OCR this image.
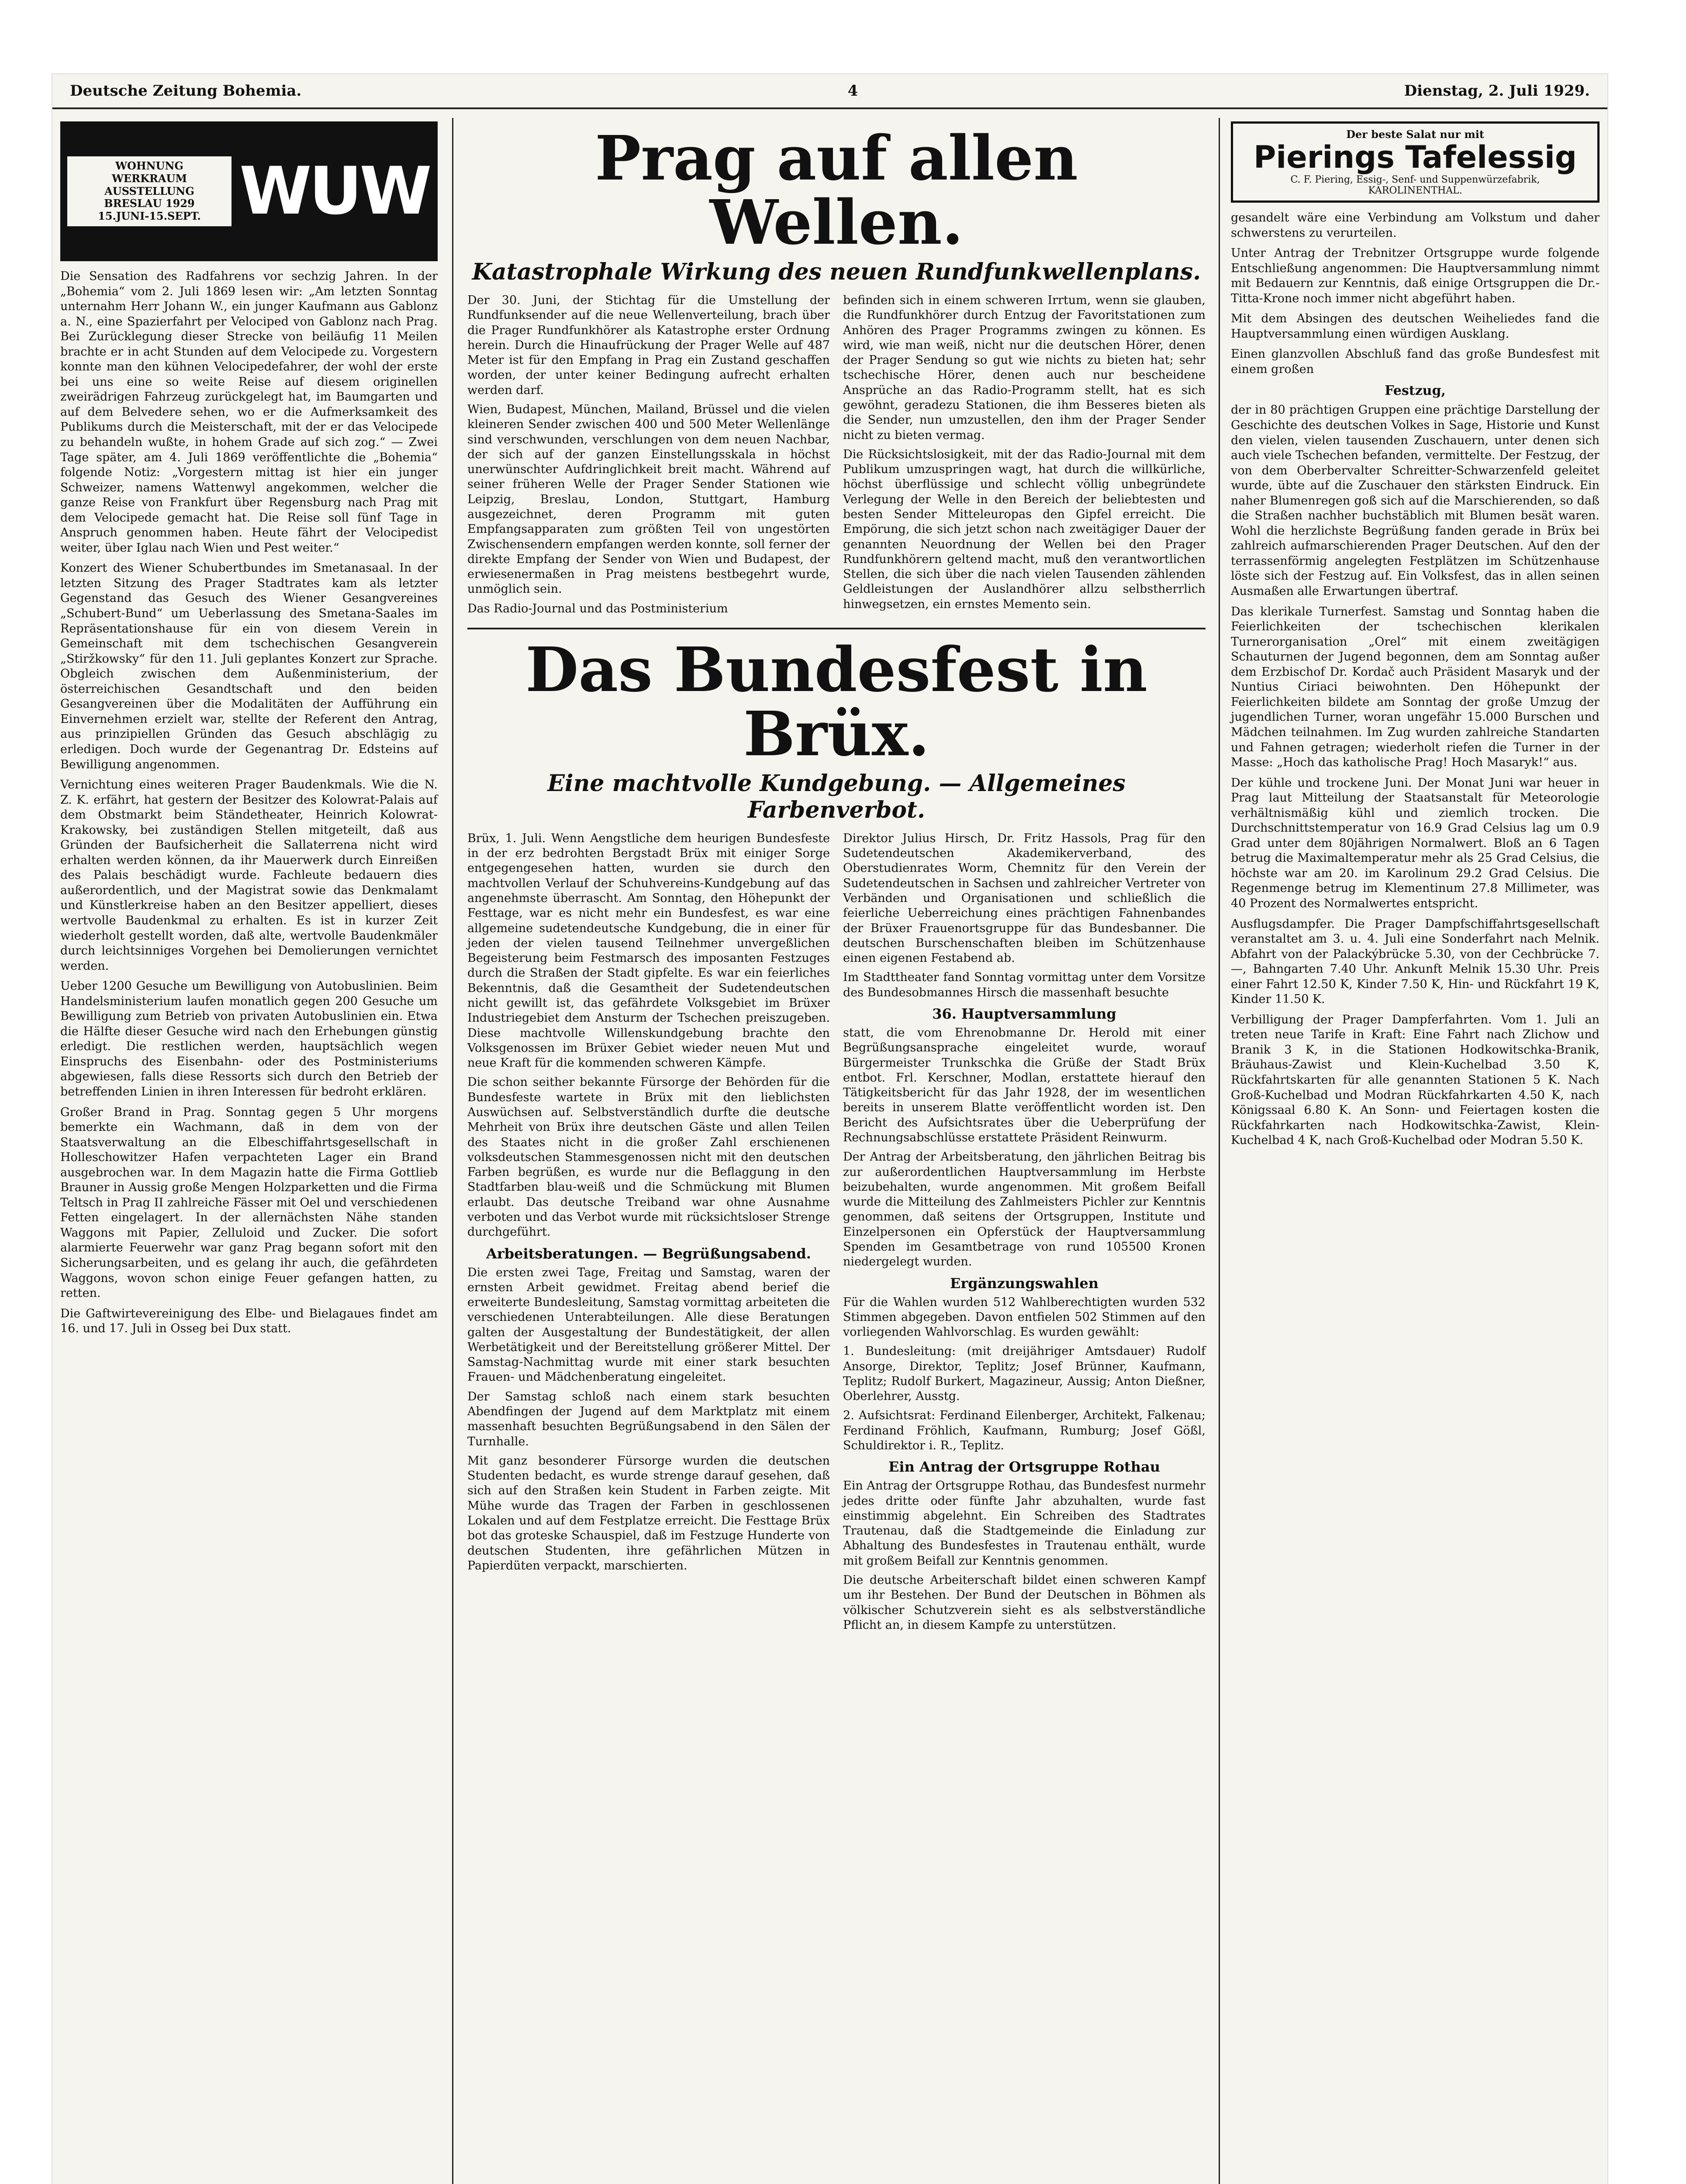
Deutsche Zeitung Bohemia.	4	Dienstag, 2. Juli 1929.
WOHNUNG
WERKRAUM
AUSSTELLUNG
BRESLAU 1929
15.JUNI-15.SEPT. WUW

Die Sensation des Radfahrens vor sechzig Jahren. In der „Bohemia“ vom 2. Juli 1869 lesen wir: „Am letzten Sonntag unternahm Herr Johann W., ein junger Kaufmann aus Gablonz a. N., eine Spazierfahrt per Velociped von Gablonz nach Prag. Bei Zurücklegung dieser Strecke von beiläufig 11 Meilen brachte er in acht Stunden auf dem Velocipede zu. Vorgestern konnte man den kühnen Velocipedefahrer, der wohl der erste bei uns eine so weite Reise auf diesem originellen zweirädrigen Fahrzeug zurückgelegt hat, im Baumgarten und auf dem Belvedere sehen, wo er die Aufmerksamkeit des Publikums durch die Meisterschaft, mit der er das Velocipede zu behandeln wußte, in hohem Grade auf sich zog.“ — Zwei Tage später, am 4. Juli 1869 veröffentlichte die „Bohemia“ folgende Notiz: „Vorgestern mittag ist hier ein junger Schweizer, namens Wattenwyl angekommen, welcher die ganze Reise von Frankfurt über Regensburg nach Prag mit dem Velocipede gemacht hat. Die Reise soll fünf Tage in Anspruch genommen haben. Heute fährt der Velocipedist weiter, über Iglau nach Wien und Pest weiter.“

Konzert des Wiener Schubertbundes im Smetanasaal. In der letzten Sitzung des Prager Stadtrates kam als letzter Gegenstand das Gesuch des Wiener Gesangvereines „Schubert-Bund“ um Ueberlassung des Smetana-Saales im Repräsentationshause für ein von diesem Verein in Gemeinschaft mit dem tschechischen Gesangverein „Stiržkowsky“ für den 11. Juli geplantes Konzert zur Sprache. Obgleich zwischen dem Außenministerium, der österreichischen Gesandtschaft und den beiden Gesangvereinen über die Modalitäten der Aufführung ein Einvernehmen erzielt war, stellte der Referent den Antrag, aus prinzipiellen Gründen das Gesuch abschlägig zu erledigen. Doch wurde der Gegenantrag Dr. Edsteins auf Bewilligung angenommen.

Vernichtung eines weiteren Prager Baudenkmals. Wie die N. Z. K. erfährt, hat gestern der Besitzer des Kolowrat-Palais auf dem Obstmarkt beim Ständetheater, Heinrich Kolowrat-Krakowsky, bei zuständigen Stellen mitgeteilt, daß aus Gründen der Baufsicherheit die Sallaterrena nicht wird erhalten werden können, da ihr Mauerwerk durch Einreißen des Palais beschädigt wurde. Fachleute bedauern dies außerordentlich, und der Magistrat sowie das Denkmalamt und Künstlerkreise haben an den Besitzer appelliert, dieses wertvolle Baudenkmal zu erhalten. Es ist in kurzer Zeit wiederholt gestellt worden, daß alte, wertvolle Baudenkmäler durch leichtsinniges Vorgehen bei Demolierungen vernichtet werden.

Ueber 1200 Gesuche um Bewilligung von Autobuslinien. Beim Handelsministerium laufen monatlich gegen 200 Gesuche um Bewilligung zum Betrieb von privaten Autobuslinien ein. Etwa die Hälfte dieser Gesuche wird nach den Erhebungen günstig erledigt. Die restlichen werden, hauptsächlich wegen Einspruchs des Eisenbahn- oder des Postministeriums abgewiesen, falls diese Ressorts sich durch den Betrieb der betreffenden Linien in ihren Interessen für bedroht erklären.

Großer Brand in Prag. Sonntag gegen 5 Uhr morgens bemerkte ein Wachmann, daß in dem von der Staatsverwaltung an die Elbeschiffahrtsgesellschaft in Holleschowitzer Hafen verpachteten Lager ein Brand ausgebrochen war. In dem Magazin hatte die Firma Gottlieb Brauner in Aussig große Mengen Holzparketten und die Firma Teltsch in Prag II zahlreiche Fässer mit Oel und verschiedenen Fetten eingelagert. In der allernächsten Nähe standen Waggons mit Papier, Zelluloid und Zucker. Die sofort alarmierte Feuerwehr war ganz Prag begann sofort mit den Sicherungsarbeiten, und es gelang ihr auch, die gefährdeten Waggons, wovon schon einige Feuer gefangen hatten, zu retten.

Die Gaftwirtevereinigung des Elbe- und Bielagaues findet am 16. und 17. Juli in Osseg bei Dux statt.

Prag auf allen Wellen.
Katastrophale Wirkung des neuen Rundfunkwellenplans.

Der 30. Juni, der Stichtag für die Umstellung der Rundfunksender auf die neue Wellenverteilung, brach über die Prager Rundfunkhörer als Katastrophe erster Ordnung herein. Durch die Hinaufrückung der Prager Welle auf 487 Meter ist für den Empfang in Prag ein Zustand geschaffen worden, der unter keiner Bedingung aufrecht erhalten werden darf.

Wien, Budapest, München, Mailand, Brüssel und die vielen kleineren Sender zwischen 400 und 500 Meter Wellenlänge sind verschwunden, verschlungen von dem neuen Nachbar, der sich auf der ganzen Einstellungsskala in höchst unerwünschter Aufdringlichkeit breit macht. Während auf seiner früheren Welle der Prager Sender Stationen wie Leipzig, Breslau, London, Stuttgart, Hamburg ausgezeichnet, deren Programm mit guten Empfangsapparaten zum größten Teil von ungestörten Zwischensendern empfangen werden konnte, soll ferner der direkte Empfang der Sender von Wien und Budapest, der erwiesenermaßen in Prag meistens bestbegehrt wurde, unmöglich sein.

Das Radio-Journal und das Postministerium

befinden sich in einem schweren Irrtum, wenn sie glauben, die Rundfunkhörer durch Entzug der Favoritstationen zum Anhören des Prager Programms zwingen zu können. Es wird, wie man weiß, nicht nur die deutschen Hörer, denen der Prager Sendung so gut wie nichts zu bieten hat; sehr tschechische Hörer, denen auch nur bescheidene Ansprüche an das Radio-Programm stellt, hat es sich gewöhnt, geradezu Stationen, die ihm Besseres bieten als die Sender, nun umzustellen, den ihm der Prager Sender nicht zu bieten vermag.

Die Rücksichtslosigkeit, mit der das Radio-Journal mit dem Publikum umzuspringen wagt, hat durch die willkürliche, höchst überflüssige und schlecht völlig unbegründete Verlegung der Welle in den Bereich der beliebtesten und besten Sender Mitteleuropas den Gipfel erreicht. Die Empörung, die sich jetzt schon nach zweitägiger Dauer der genannten Neuordnung der Wellen bei den Prager Rundfunkhörern geltend macht, muß den verantwortlichen Stellen, die sich über die nach vielen Tausenden zählenden Geldleistungen der Auslandhörer allzu selbstherrlich hinwegsetzen, ein ernstes Memento sein.

Das Bundesfest in Brüx.
Eine machtvolle Kundgebung. — Allgemeines Farbenverbot.

Brüx, 1. Juli. Wenn Aengstliche dem heurigen Bundesfeste in der erz bedrohten Bergstadt Brüx mit einiger Sorge entgegengesehen hatten, wurden sie durch den machtvollen Verlauf der Schuhvereins-Kundgebung auf das angenehmste überrascht. Am Sonntag, den Höhepunkt der Festtage, war es nicht mehr ein Bundesfest, es war eine allgemeine sudetendeutsche Kundgebung, die in einer für jeden der vielen tausend Teilnehmer unvergeßlichen Begeisterung beim Festmarsch des imposanten Festzuges durch die Straßen der Stadt gipfelte. Es war ein feierliches Bekenntnis, daß die Gesamtheit der Sudetendeutschen nicht gewillt ist, das gefährdete Volksgebiet im Brüxer Industriegebiet dem Ansturm der Tschechen preiszugeben. Diese machtvolle Willenskundgebung brachte den Volksgenossen im Brüxer Gebiet wieder neuen Mut und neue Kraft für die kommenden schweren Kämpfe.

Die schon seither bekannte Fürsorge der Behörden für die Bundesfeste wartete in Brüx mit den lieblichsten Auswüchsen auf. Selbstverständlich durfte die deutsche Mehrheit von Brüx ihre deutschen Gäste und allen Teilen des Staates nicht in die großer Zahl erschienenen volksdeutschen Stammesgenossen nicht mit den deutschen Farben begrüßen, es wurde nur die Beflaggung in den Stadtfarben blau-weiß und die Schmückung mit Blumen erlaubt. Das deutsche Treiband war ohne Ausnahme verboten und das Verbot wurde mit rücksichtsloser Strenge durchgeführt.

Arbeitsberatungen. — Begrüßungsabend.

Die ersten zwei Tage, Freitag und Samstag, waren der ernsten Arbeit gewidmet. Freitag abend berief die erweiterte Bundesleitung, Samstag vormittag arbeiteten die verschiedenen Unterabteilungen. Alle diese Beratungen galten der Ausgestaltung der Bundestätigkeit, der allen Werbetätigkeit und der Bereitstellung größerer Mittel. Der Samstag-Nachmittag wurde mit einer stark besuchten Frauen- und Mädchenberatung eingeleitet.

Der Samstag schloß nach einem stark besuchten Abendfingen der Jugend auf dem Marktplatz mit einem massenhaft besuchten Begrüßungsabend in den Sälen der Turnhalle.

Mit ganz besonderer Fürsorge wurden die deutschen Studenten bedacht, es wurde strenge darauf gesehen, daß sich auf den Straßen kein Student in Farben zeigte. Mit Mühe wurde das Tragen der Farben in geschlossenen Lokalen und auf dem Festplatze erreicht. Die Festtage Brüx bot das groteske Schauspiel, daß im Festzuge Hunderte von deutschen Studenten, ihre gefährlichen Mützen in Papierdüten verpackt, marschierten.

Direktor Julius Hirsch, Dr. Fritz Hassols, Prag für den Sudetendeutschen Akademikerverband, des Oberstudienrates Worm, Chemnitz für den Verein der Sudetendeutschen in Sachsen und zahlreicher Vertreter von Verbänden und Organisationen und schließlich die feierliche Ueberreichung eines prächtigen Fahnenbandes der Brüxer Frauenortsgruppe für das Bundesbanner. Die deutschen Burschenschaften bleiben im Schützenhause einen eigenen Festabend ab.

Im Stadttheater fand Sonntag vormittag unter dem Vorsitze des Bundesobmannes Hirsch die massenhaft besuchte

36. Hauptversammlung

statt, die vom Ehrenobmanne Dr. Herold mit einer Begrüßungsansprache eingeleitet wurde, worauf Bürgermeister Trunkschka die Grüße der Stadt Brüx entbot. Frl. Kerschner, Modlan, erstattete hierauf den Tätigkeitsbericht für das Jahr 1928, der im wesentlichen bereits in unserem Blatte veröffentlicht worden ist. Den Bericht des Aufsichtsrates über die Ueberprüfung der Rechnungsabschlüsse erstattete Präsident Reinwurm.

Der Antrag der Arbeitsberatung, den jährlichen Beitrag bis zur außerordentlichen Hauptversammlung im Herbste beizubehalten, wurde angenommen. Mit großem Beifall wurde die Mitteilung des Zahlmeisters Pichler zur Kenntnis genommen, daß seitens der Ortsgruppen, Institute und Einzelpersonen ein Opferstück der Hauptversammlung Spenden im Gesamtbetrage von rund 105500 Kronen niedergelegt wurden.

Ergänzungswahlen

Für die Wahlen wurden 512 Wahlberechtigten wurden 532 Stimmen abgegeben. Davon entfielen 502 Stimmen auf den vorliegenden Wahlvorschlag. Es wurden gewählt:

1. Bundesleitung: (mit dreijähriger Amtsdauer) Rudolf Ansorge, Direktor, Teplitz; Josef Brünner, Kaufmann, Teplitz; Rudolf Burkert, Magazineur, Aussig; Anton Dießner, Oberlehrer, Ausstg.

2. Aufsichtsrat: Ferdinand Eilenberger, Architekt, Falkenau; Ferdinand Fröhlich, Kaufmann, Rumburg; Josef Gößl, Schuldirektor i. R., Teplitz.

Ein Antrag der Ortsgruppe Rothau

Ein Antrag der Ortsgruppe Rothau, das Bundesfest nurmehr jedes dritte oder fünfte Jahr abzuhalten, wurde fast einstimmig abgelehnt. Ein Schreiben des Stadtrates Trautenau, daß die Stadtgemeinde die Einladung zur Abhaltung des Bundesfestes in Trautenau enthält, wurde mit großem Beifall zur Kenntnis genommen.

Die deutsche Arbeiterschaft bildet einen schweren Kampf um ihr Bestehen. Der Bund der Deutschen in Böhmen als völkischer Schutzverein sieht es als selbstverständliche Pflicht an, in diesem Kampfe zu unterstützen.

Der beste Salat nur mit
Pierings Tafelessig
C. F. Piering, Essig-, Senf- und Suppenwürzefabrik,
KAROLINENTHAL.

gesandelt wäre eine Verbindung am Volkstum und daher schwerstens zu verurteilen.

Unter Antrag der Trebnitzer Ortsgruppe wurde folgende Entschließung angenommen: Die Hauptversammlung nimmt mit Bedauern zur Kenntnis, daß einige Ortsgruppen die Dr.-Titta-Krone noch immer nicht abgeführt haben.

Mit dem Absingen des deutschen Weiheliedes fand die Hauptversammlung einen würdigen Ausklang.

Einen glanzvollen Abschluß fand das große Bundesfest mit einem großen

Festzug,

der in 80 prächtigen Gruppen eine prächtige Darstellung der Geschichte des deutschen Volkes in Sage, Historie und Kunst den vielen, vielen tausenden Zuschauern, unter denen sich auch viele Tschechen befanden, vermittelte. Der Festzug, der von dem Oberbervalter Schreitter-Schwarzenfeld geleitet wurde, übte auf die Zuschauer den stärksten Eindruck. Ein naher Blumenregen goß sich auf die Marschierenden, so daß die Straßen nachher buchstäblich mit Blumen besät waren. Wohl die herzlichste Begrüßung fanden gerade in Brüx bei zahlreich aufmarschierenden Prager Deutschen. Auf den der terrassenförmig angelegten Festplätzen im Schützenhause löste sich der Festzug auf. Ein Volksfest, das in allen seinen Ausmaßen alle Erwartungen übertraf.

Das klerikale Turnerfest. Samstag und Sonntag haben die Feierlichkeiten der tschechischen klerikalen Turnerorganisation „Orel“ mit einem zweitägigen Schauturnen der Jugend begonnen, dem am Sonntag außer dem Erzbischof Dr. Kordač auch Präsident Masaryk und der Nuntius Ciriaci beiwohnten. Den Höhepunkt der Feierlichkeiten bildete am Sonntag der große Umzug der jugendlichen Turner, woran ungefähr 15.000 Burschen und Mädchen teilnahmen. Im Zug wurden zahlreiche Standarten und Fahnen getragen; wiederholt riefen die Turner in der Masse: „Hoch das katholische Prag! Hoch Masaryk!“ aus.

Der kühle und trockene Juni. Der Monat Juni war heuer in Prag laut Mitteilung der Staatsanstalt für Meteorologie verhältnismäßig kühl und ziemlich trocken. Die Durchschnittstemperatur von 16.9 Grad Celsius lag um 0.9 Grad unter dem 80jährigen Normalwert. Bloß an 6 Tagen betrug die Maximaltemperatur mehr als 25 Grad Celsius, die höchste war am 20. im Karolinum 29.2 Grad Celsius. Die Regenmenge betrug im Klementinum 27.8 Millimeter, was 40 Prozent des Normalwertes entspricht.

Ausflugsdampfer. Die Prager Dampfschiffahrtsgesellschaft veranstaltet am 3. u. 4. Juli eine Sonderfahrt nach Melnik. Abfahrt von der Palackýbrücke 5.30, von der Cechbrücke 7.—, Bahngarten 7.40 Uhr. Ankunft Melnik 15.30 Uhr. Preis einer Fahrt 12.50 K, Kinder 7.50 K, Hin- und Rückfahrt 19 K, Kinder 11.50 K.

Verbilligung der Prager Dampferfahrten. Vom 1. Juli an treten neue Tarife in Kraft: Eine Fahrt nach Zlichow und Branik 3 K, in die Stationen Hodkowitschka-Branik, Bräuhaus-Zawist und Klein-Kuchelbad 3.50 K, Rückfahrtskarten für alle genannten Stationen 5 K. Nach Groß-Kuchelbad und Modran Rückfahrkarten 4.50 K, nach Königssaal 6.80 K. An Sonn- und Feiertagen kosten die Rückfahrkarten nach Hodkowitschka-Zawist, Klein-Kuchelbad 4 K, nach Groß-Kuchelbad oder Modran 5.50 K.
